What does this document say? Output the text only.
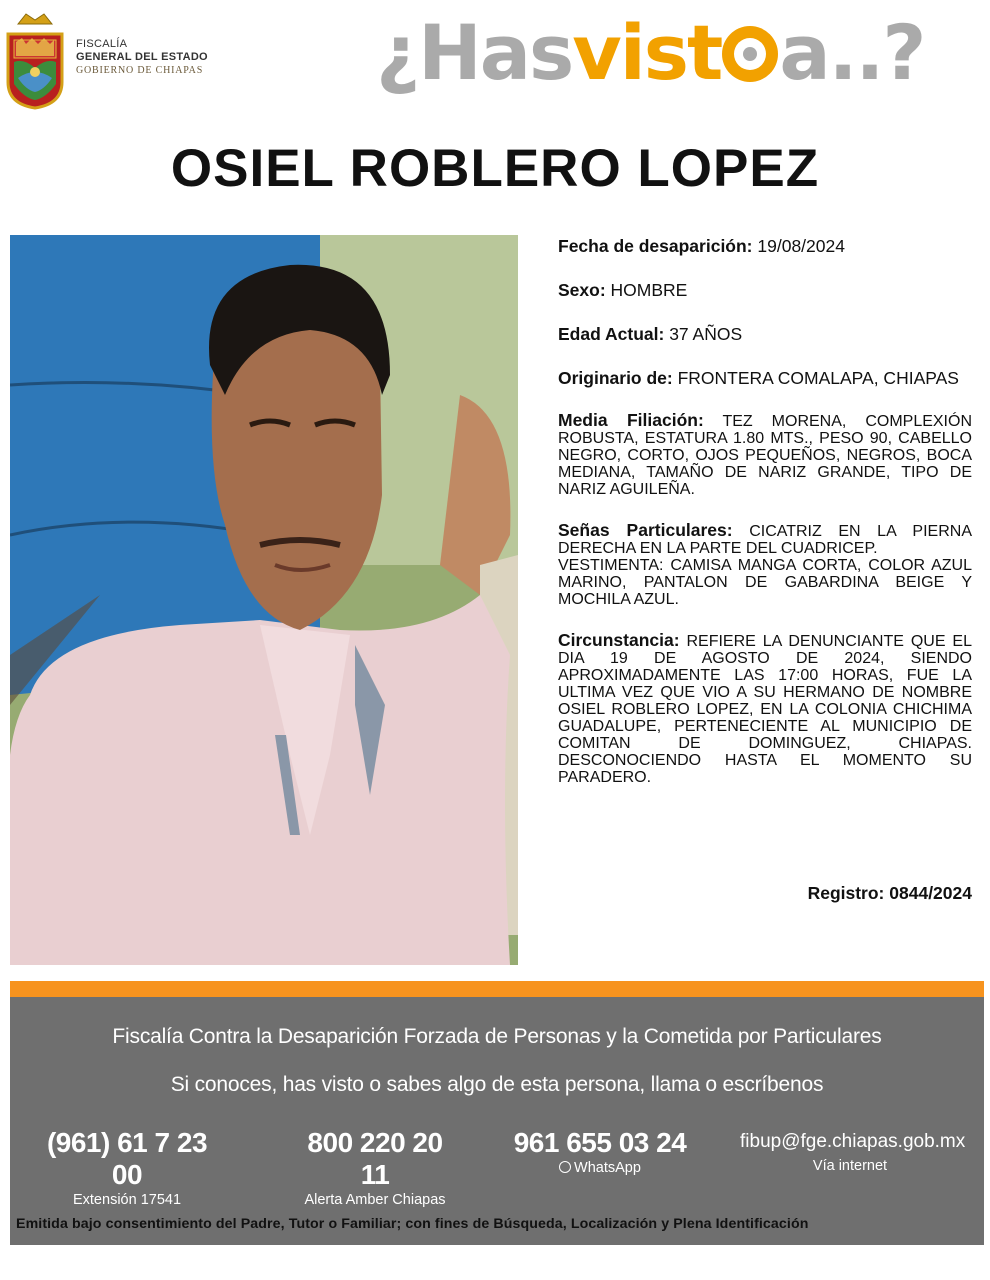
FISCALÍA
GENERAL DEL ESTADO
GOBIERNO DE CHIAPAS ¿Hasvist a..?
OSIEL ROBLERO LOPEZ
Fecha de desaparición: 19/08/2024
Sexo: HOMBRE
Edad Actual: 37 AÑOS
Originario de: FRONTERA COMALAPA, CHIAPAS
Media Filiación: TEZ MORENA, COMPLEXIÓN ROBUSTA, ESTATURA 1.80 MTS., PESO 90, CABELLO NEGRO, CORTO, OJOS PEQUEÑOS, NEGROS, BOCA MEDIANA, TAMAÑO DE NARIZ GRANDE, TIPO DE NARIZ AGUILEÑA.
Señas Particulares: CICATRIZ EN LA PIERNA DERECHA EN LA PARTE DEL CUADRICEP.
VESTIMENTA: CAMISA MANGA CORTA, COLOR AZUL MARINO, PANTALON DE GABARDINA BEIGE Y MOCHILA AZUL.
Circunstancia: REFIERE LA DENUNCIANTE QUE EL DIA 19 DE AGOSTO DE 2024, SIENDO APROXIMADAMENTE LAS 17:00 HORAS, FUE LA ULTIMA VEZ QUE VIO A SU HERMANO DE NOMBRE OSIEL ROBLERO LOPEZ, EN LA COLONIA CHICHIMA GUADALUPE, PERTENECIENTE AL MUNICIPIO DE COMITAN DE DOMINGUEZ, CHIAPAS. DESCONOCIENDO HASTA EL MOMENTO SU PARADERO.
Registro: 0844/2024
Fiscalía Contra la Desaparición Forzada de Personas y la Cometida por Particulares
Si conoces, has visto o sabes algo de esta persona, llama o escríbenos
(961) 61 7 23 00
Extensión 17541
800 220 20 11
Alerta Amber Chiapas
961 655 03 24
WhatsApp
fibup@fge.chiapas.gob.mx
Vía internet
Emitida bajo consentimiento del Padre, Tutor o Familiar; con fines de Búsqueda, Localización y Plena Identificación
